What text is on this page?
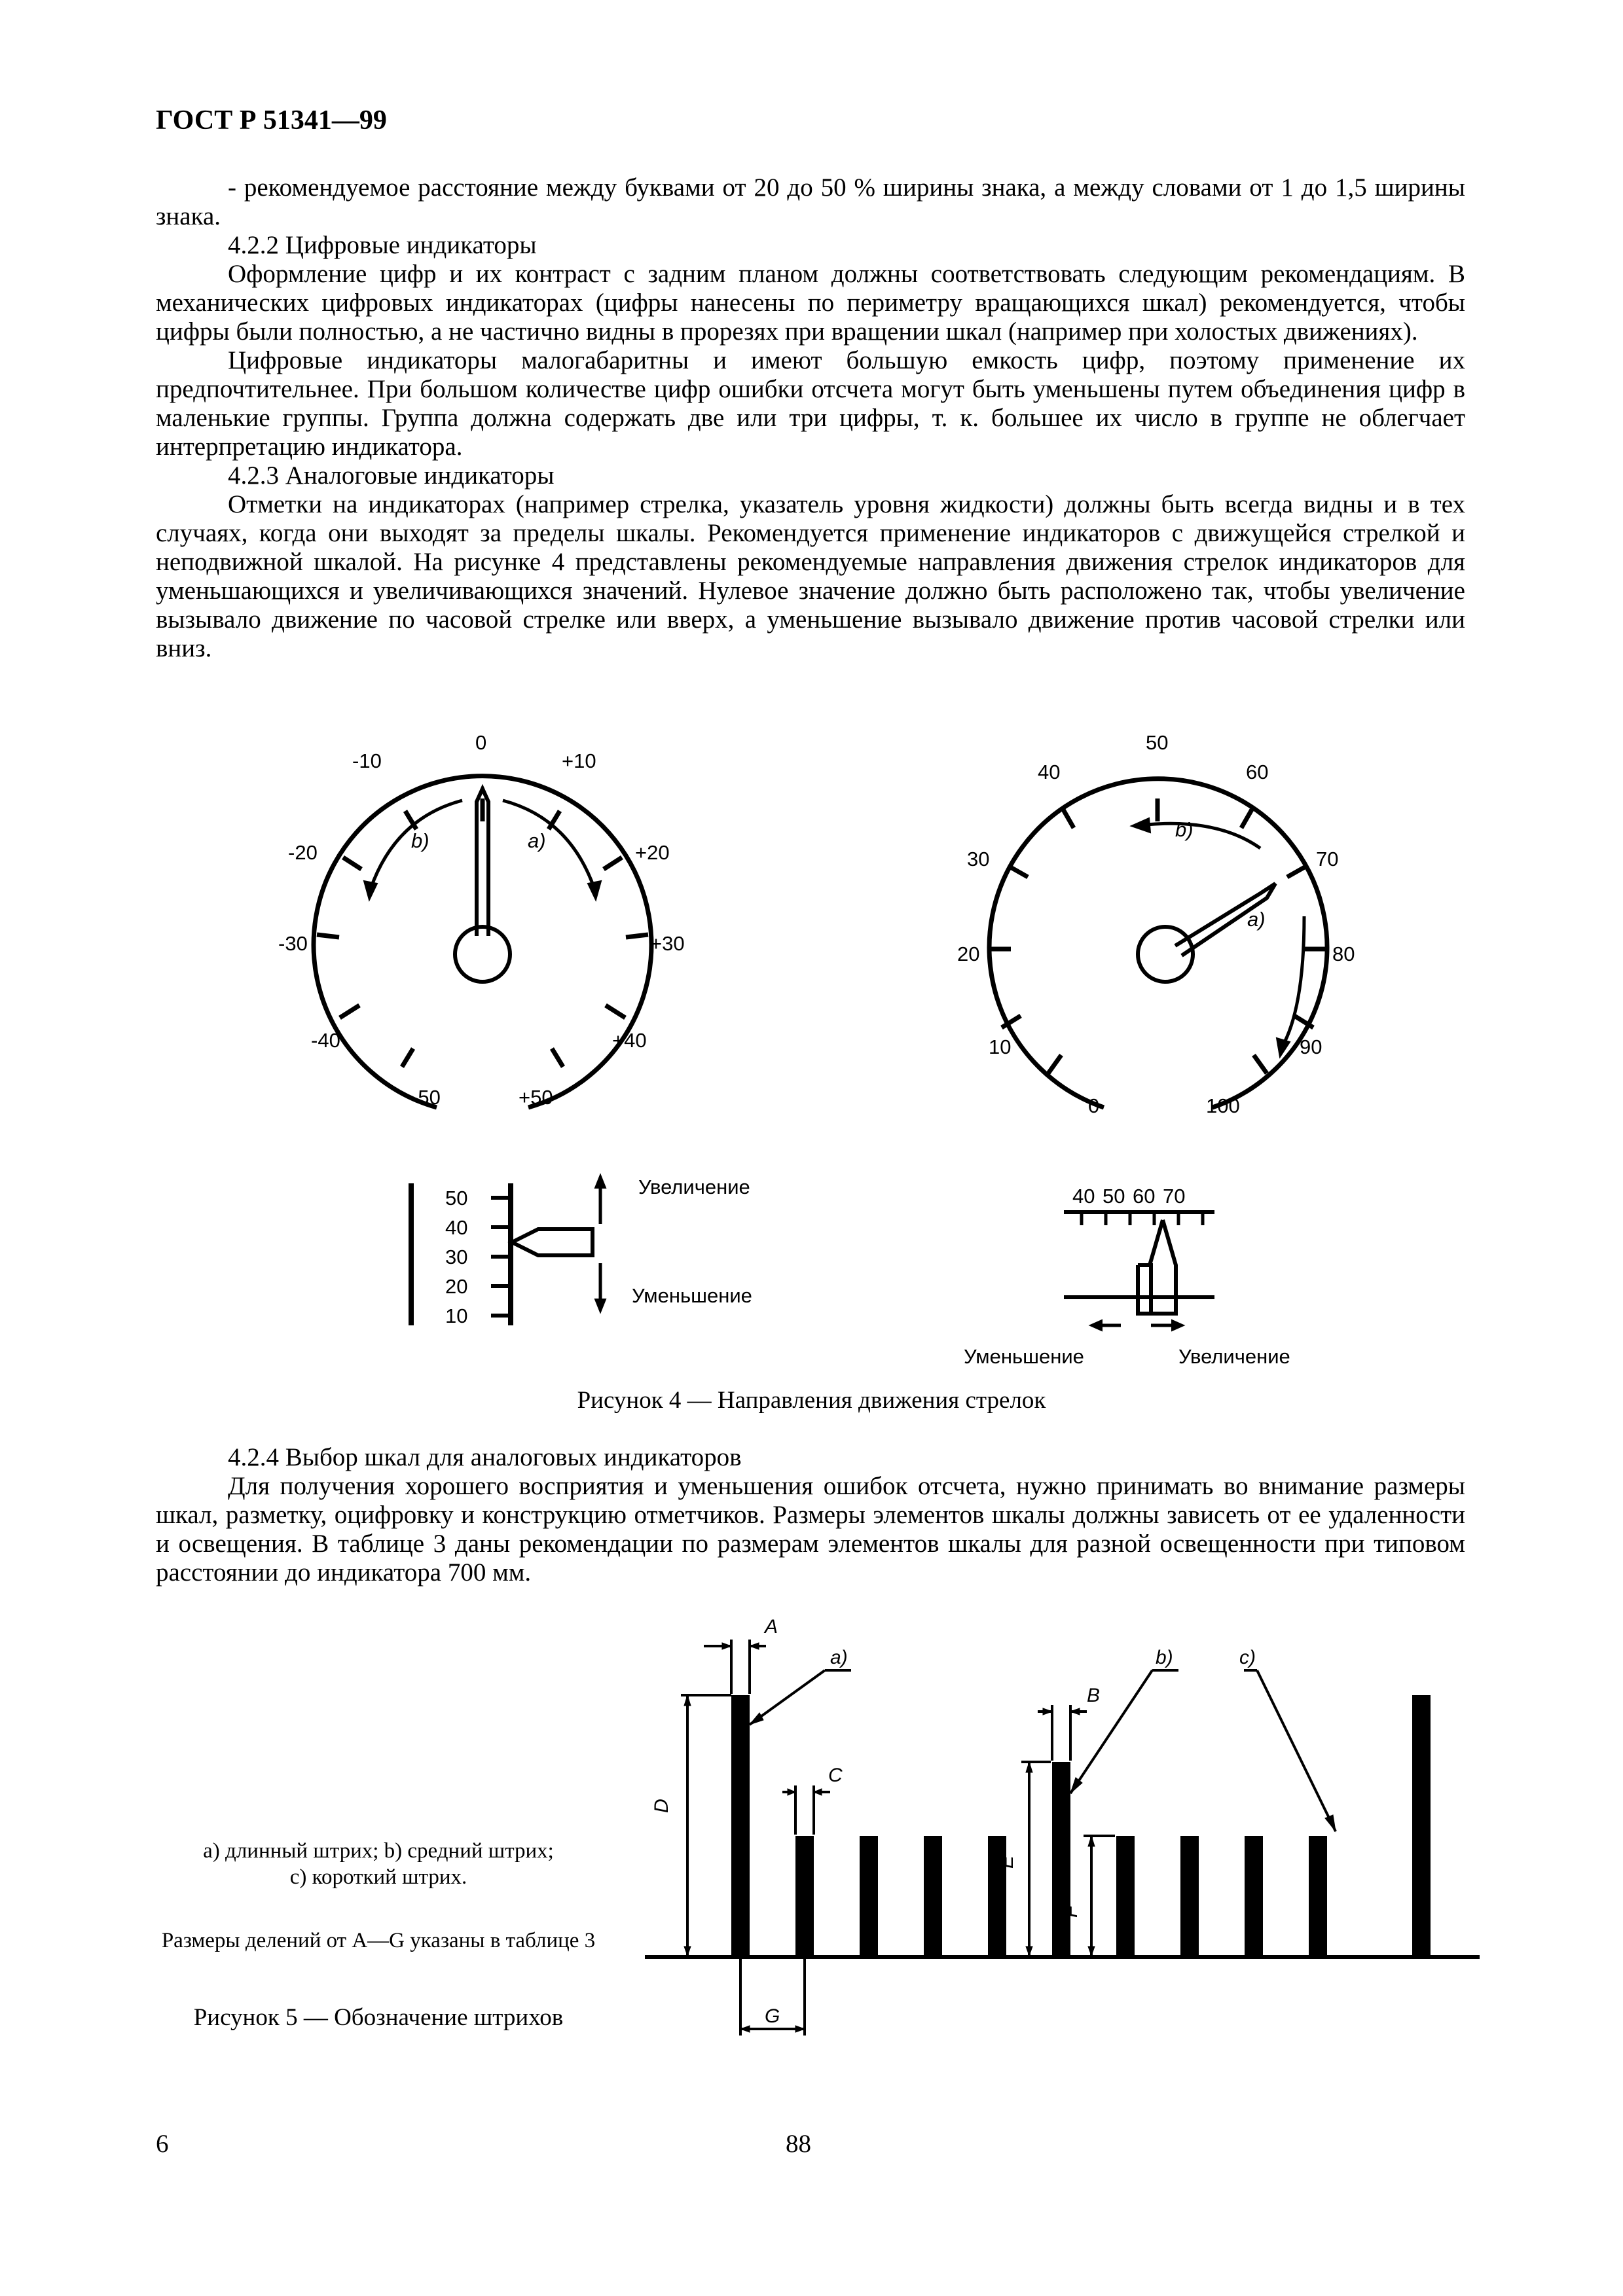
ГОСТ Р 51341—99

- рекомендуемое расстояние между буквами от 20 до 50 % ширины знака, а между словами от 1 до 1,5 ширины знака.

4.2.2 Цифровые индикаторы

Оформление цифр и их контраст с задним планом должны соответствовать следующим рекомендациям. В механических цифровых индикаторах (цифры нанесены по периметру вращающихся шкал) рекомендуется, чтобы цифры были полностью, а не частично видны в прорезях при вращении шкал (например при холостых движениях).

Цифровые индикаторы малогабаритны и имеют большую емкость цифр, поэтому применение их предпочтительнее. При большом количестве цифр ошибки отсчета могут быть уменьшены путем объединения цифр в маленькие группы. Группа должна содержать две или три цифры, т. к. большее их число в группе не облегчает интерпретацию индикатора.

4.2.3 Аналоговые индикаторы

Отметки на индикаторах (например стрелка, указатель уровня жидкости) должны быть всегда видны и в тех случаях, когда они выходят за пределы шкалы. Рекомендуется применение индикаторов с движущейся стрелкой и неподвижной шкалой. На рисунке 4 представлены рекомендуемые направления движения стрелок индикаторов для уменьшающихся и увеличивающихся значений. Нулевое значение должно быть расположено так, чтобы увеличение вызывало движение по часовой стрелке или вверх, а уменьшение вызывало движение против часовой стрелки или вниз.

0
+10
+20
+30
+40
+50
-10
-20
-30
-40
-50
a)
b)
0
10
20
30
40
50
60
70
80
90
100
b)
a)
50
40
30
20
10
Увеличение
Уменьшение
40 50 60 70
Уменьшение	Увеличение
Рисунок 4 — Направления движения стрелок

4.2.4 Выбор шкал для аналоговых индикаторов

Для получения хорошего восприятия и уменьшения ошибок отсчета, нужно принимать во внимание размеры шкал, разметку, оцифровку и конструкцию отметчиков. Размеры элементов шкалы должны зависеть от ее удаленности и освещения. В таблице 3 даны рекомендации по размерам элементов шкалы для разной освещенности при типовом расстоянии до индикатора 700 мм.

A
a)	b)	c)
B
C
D
E
F
G
а) длинный штрих; b) средний штрих;
с) короткий штрих.
Размеры делений от A—G указаны в таблице 3
Рисунок 5 — Обозначение штрихов
6	88
